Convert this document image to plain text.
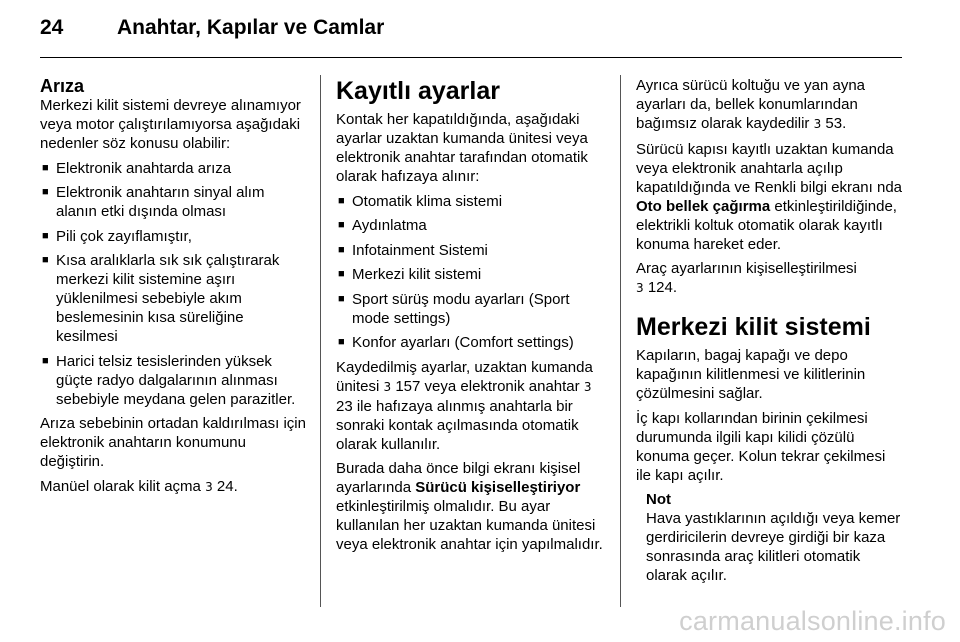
24	Anahtar, Kapılar ve Camlar
Arıza

Merkezi kilit sistemi devreye alınamıyor veya motor çalıştırılamıyorsa aşağıdaki nedenler söz konusu olabilir:

■ Elektronik anahtarda arıza
■ Elektronik anahtarın sinyal alım alanın etki dışında olması
■ Pili çok zayıflamıştır,
■ Kısa aralıklarla sık sık çalıştırarak merkezi kilit sistemine aşırı yüklenilmesi sebebiyle akım beslemesinin kısa süreliğine kesilmesi
■ Harici telsiz tesislerinden yüksek güçte radyo dalgalarının alınması sebebiyle meydana gelen parazitler.

Arıza sebebinin ortadan kaldırılması için elektronik anahtarın konumunu değiştirin.

Manüel olarak kilit açma 3 24.

Kayıtlı ayarlar

Kontak her kapatıldığında, aşağıdaki ayarlar uzaktan kumanda ünitesi veya elektronik anahtar tarafından otomatik olarak hafızaya alınır:

■ Otomatik klima sistemi
■ Aydınlatma
■ Infotainment Sistemi
■ Merkezi kilit sistemi
■ Sport sürüş modu ayarları (Sport mode settings)
■ Konfor ayarları (Comfort settings)

Kaydedilmiş ayarlar, uzaktan kumanda ünitesi 3 157 veya elektronik anahtar 3 23 ile hafızaya alınmış anahtarla bir sonraki kontak açılmasında otomatik olarak kullanılır.

Burada daha önce bilgi ekranı kişisel ayarlarında Sürücü kişiselleştiriyor etkinleştirilmiş olmalıdır. Bu ayar kullanılan her uzaktan kumanda ünitesi veya elektronik anahtar için yapılmalıdır.

Ayrıca sürücü koltuğu ve yan ayna ayarları da, bellek konumlarından bağımsız olarak kaydedilir 3 53.

Sürücü kapısı kayıtlı uzaktan kumanda veya elektronik anahtarla açılıp kapatıldığında ve Renkli bilgi ekranı nda Oto bellek çağırma etkinleştirildiğinde, elektrikli koltuk otomatik olarak kayıtlı konuma hareket eder.

Araç ayarlarının kişiselleştirilmesi
3 124.

Merkezi kilit sistemi

Kapıların, bagaj kapağı ve depo kapağının kilitlenmesi ve kilitlerinin çözülmesini sağlar.

İç kapı kollarından birinin çekilmesi durumunda ilgili kapı kilidi çözülü konuma geçer. Kolun tekrar çekilmesi ile kapı açılır.

Not
Hava yastıklarının açıldığı veya kemer gerdiricilerin devreye girdiği bir kaza sonrasında araç kilitleri otomatik olarak açılır.
carmanualsonline.info
